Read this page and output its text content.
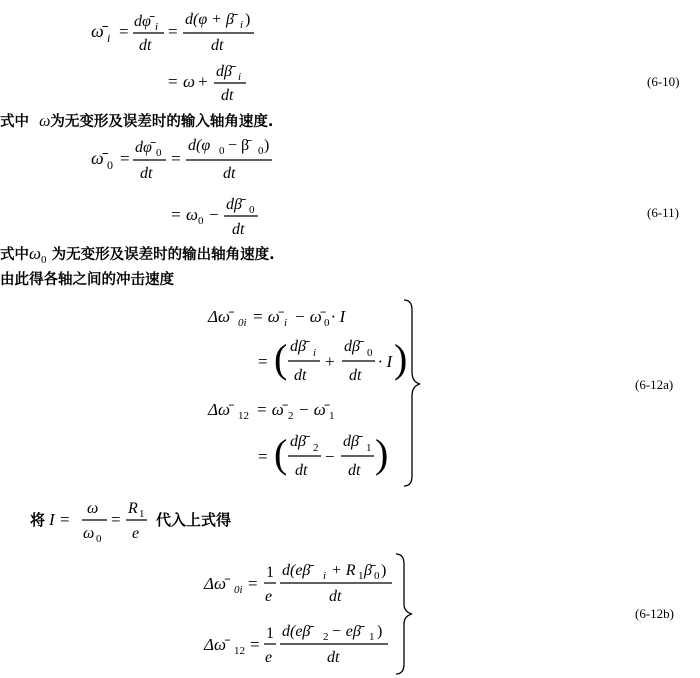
ω̄ i =
dφ̄ i
dt
=
d(φ + β̄ i )
dt
= ω +
dβ̄ i
dt
(6-10)
式中 ω为无变形及误差时的输入轴角速度.
ω̄ 0 =
dφ̄ 0
dt
=
d(φ 0 − β̄ 0 )
dt
= ω 0 −
dβ̄ 0
dt
(6-11)
式中$\omega_0$ 为无变形及误差时的输出轴角速度.
由此得各轴之间的冲击速度
Δω̄ 0i = ω̄ i − ω̄ 0 · I
= ( dβ̄ i
dt
+
dβ̄ 0
dt
· I )
Δω̄ 12 = ω̄ 2 − ω̄ 1
= ( dβ̄ 2
dt
−
dβ̄ 1
dt )
(6-12a)
将 I =
ω
ω 0
=
R 1
e
代入上式得
Δω̄ 0i =
1
e
d(eβ̄	i + R 1 β̄ 0 )
dt
Δω̄ 12 =
1
e
d(eβ̄	2 − eβ̄ 1 )
dt
(6-12b)
